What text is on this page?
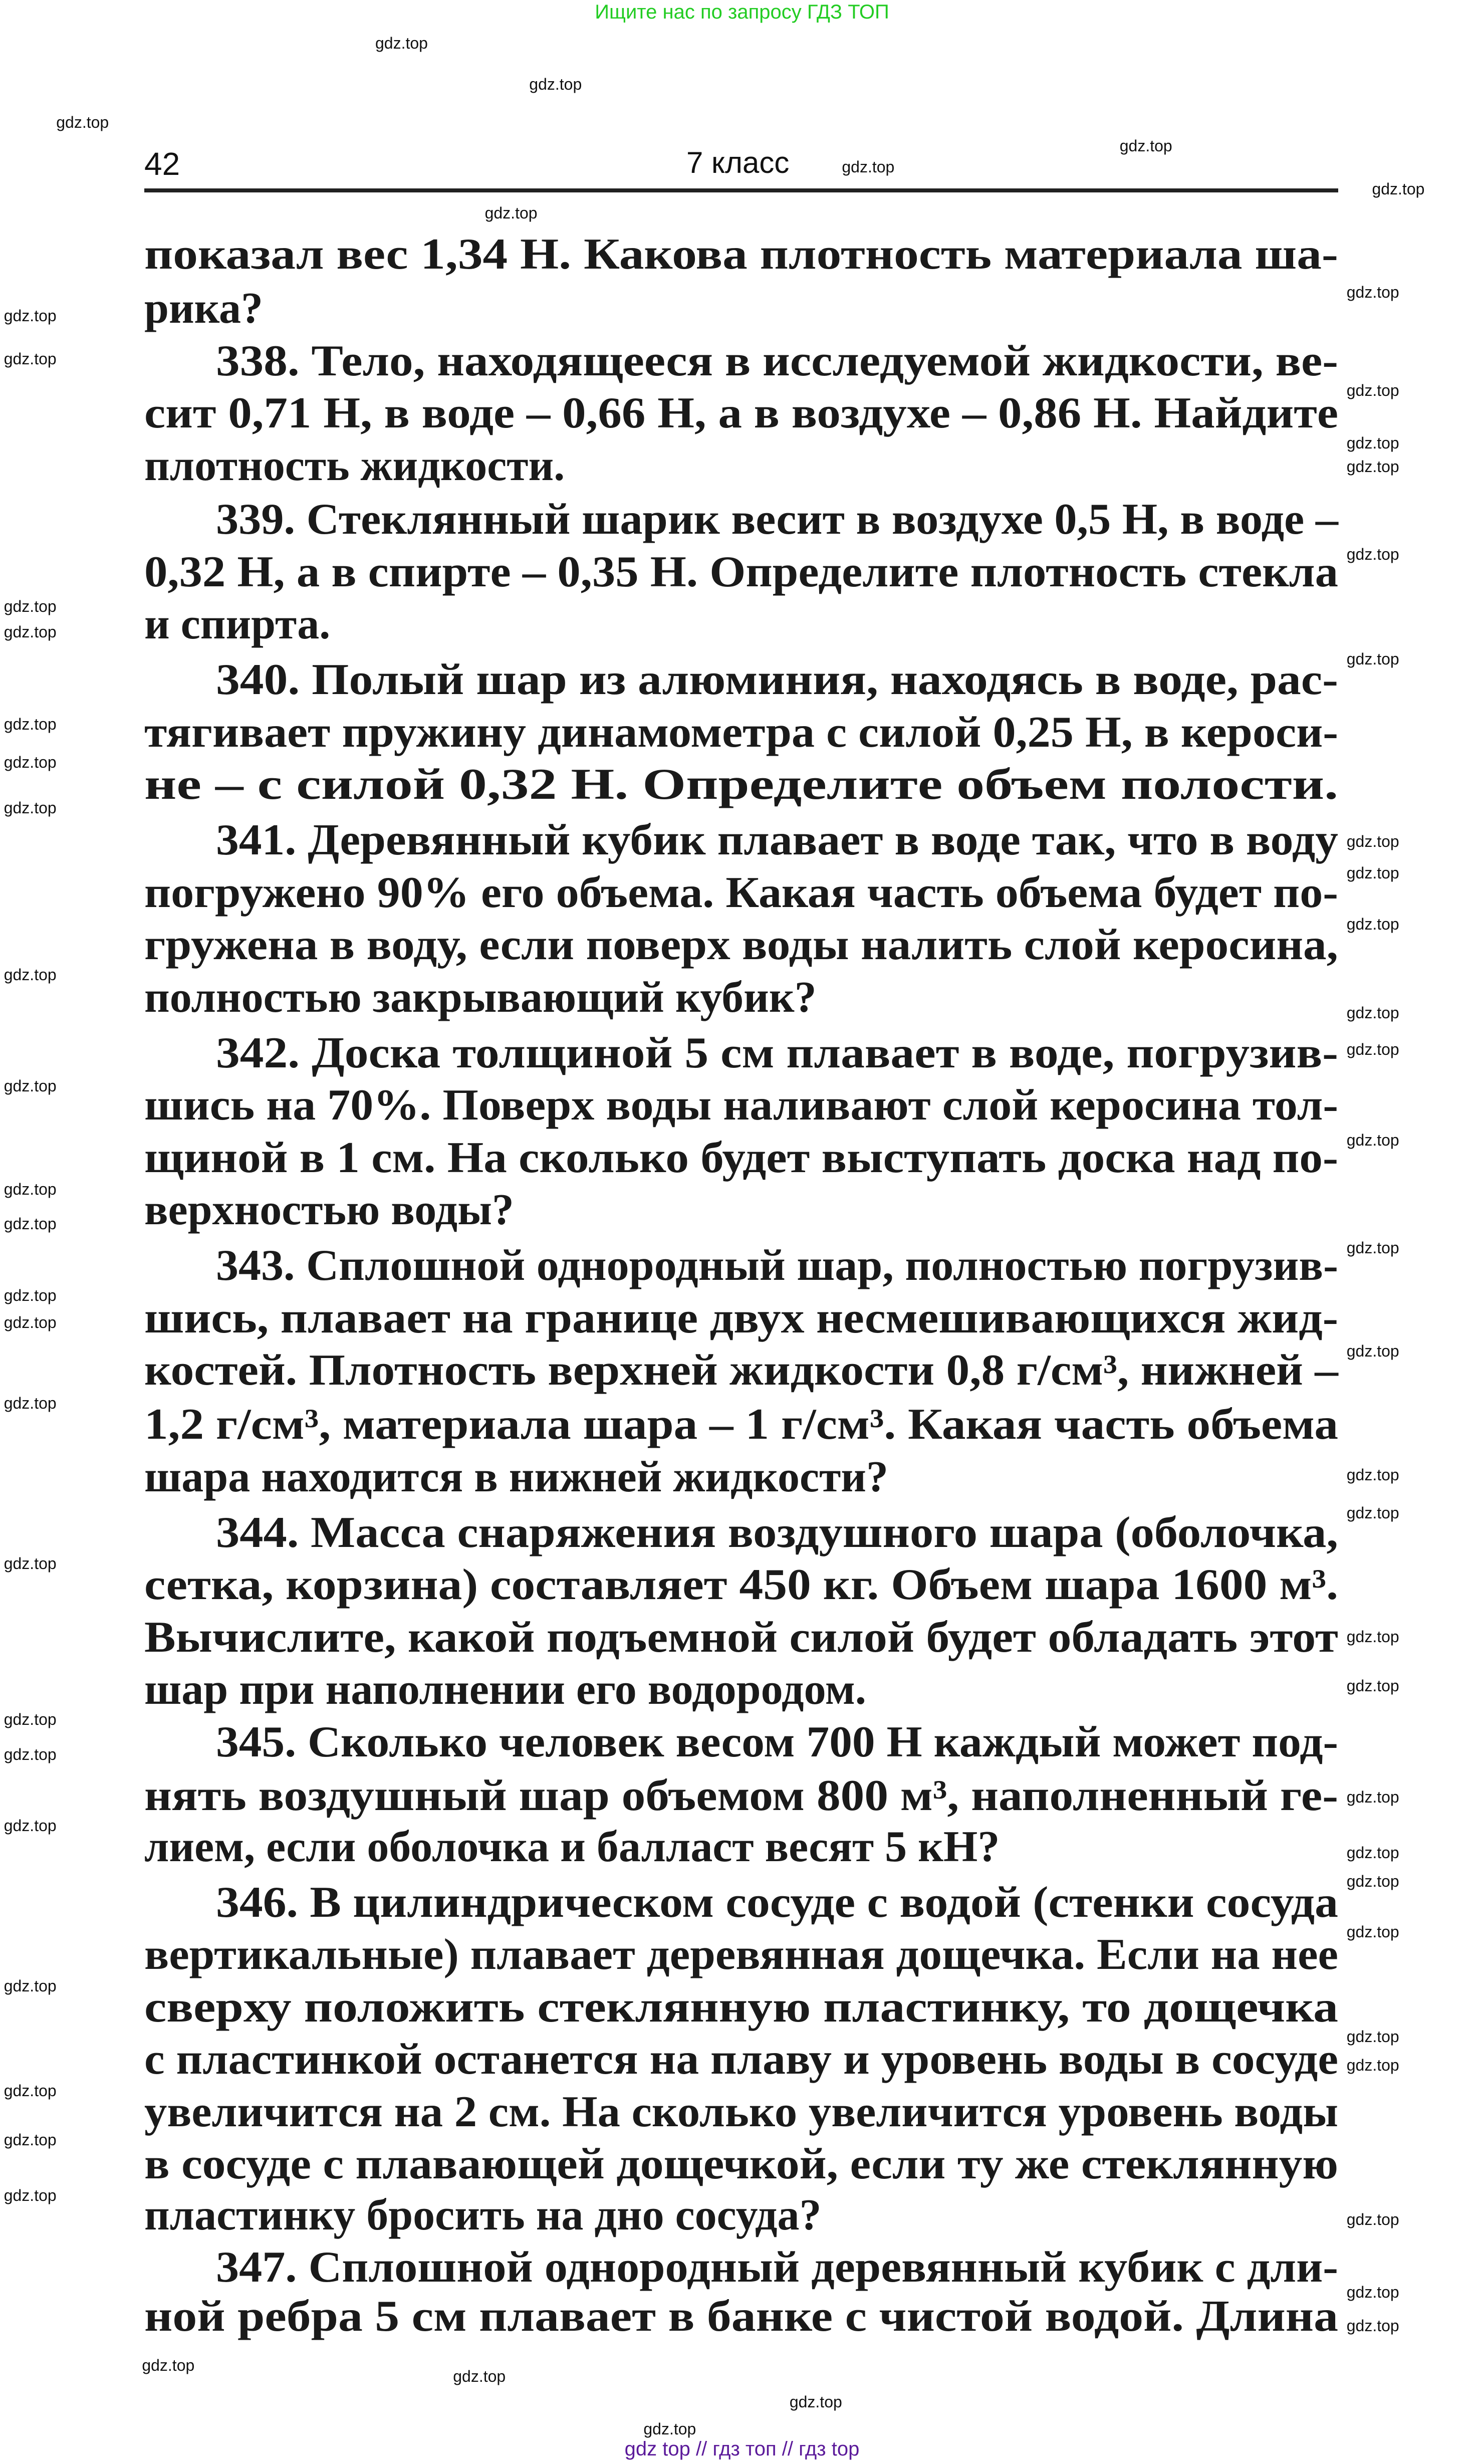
Ищите нас по запросу ГДЗ ТОП
42	7 класс
показал вес 1,34 Н. Какова плотность материала ша-
рика?
338. Тело, находящееся в исследуемой жидкости, ве-
сит 0,71 Н, в воде – 0,66 Н, а в воздухе – 0,86 Н. Найдите
плотность жидкости.
339. Стеклянный шарик весит в воздухе 0,5 Н, в воде –
0,32 Н, а в спирте – 0,35 Н. Определите плотность стекла
и спирта.
340. Полый шар из алюминия, находясь в воде, рас-
тягивает пружину динамометра с силой 0,25 Н, в кероси-
не – с силой 0,32 Н. Определите объем полости.
341. Деревянный кубик плавает в воде так, что в воду
погружено 90% его объема. Какая часть объема будет по-
гружена в воду, если поверх воды налить слой керосина,
полностью закрывающий кубик?
342. Доска толщиной 5 см плавает в воде, погрузив-
шись на 70%. Поверх воды наливают слой керосина тол-
щиной в 1 см. На сколько будет выступать доска над по-
верхностью воды?
343. Сплошной однородный шар, полностью погрузив-
шись, плавает на границе двух несмешивающихся жид-
костей. Плотность верхней жидкости 0,8 г/см³, нижней –
1,2 г/см³, материала шара – 1 г/см³. Какая часть объема
шара находится в нижней жидкости?
344. Масса снаряжения воздушного шара (оболочка,
сетка, корзина) составляет 450 кг. Объем шара 1600 м³.
Вычислите, какой подъемной силой будет обладать этот
шар при наполнении его водородом.
345. Сколько человек весом 700 Н каждый может под-
нять воздушный шар объемом 800 м³, наполненный ге-
лием, если оболочка и балласт весят 5 кН?
346. В цилиндрическом сосуде с водой (стенки сосуда
вертикальные) плавает деревянная дощечка. Если на нее
сверху положить стеклянную пластинку, то дощечка
с пластинкой останется на плаву и уровень воды в сосуде
увеличится на 2 см. На сколько увеличится уровень воды
в сосуде с плавающей дощечкой, если ту же стеклянную
пластинку бросить на дно сосуда?
347. Сплошной однородный деревянный кубик с дли-
ной ребра 5 см плавает в банке с чистой водой. Длина
gdz.top
gdz.top
gdz.top
gdz.top
gdz.top
gdz.top
gdz.top
gdz.top
gdz.top
gdz.top
gdz.top
gdz.top
gdz.top
gdz.top
gdz.top
gdz.top
gdz.top
gdz.top
gdz.top
gdz.top
gdz.top
gdz.top
gdz.top
gdz.top
gdz.top
gdz.top
gdz.top
gdz.top
gdz.top
gdz.top
gdz.top
gdz.top
gdz.top
gdz.top
gdz.top
gdz.top
gdz.top
gdz.top
gdz.top
gdz.top
gdz.top
gdz.top
gdz.top
gdz.top
gdz.top
gdz.top
gdz.top
gdz.top
gdz.top
gdz.top
gdz.top
gdz.top
gdz.top
gdz.top
gdz.top
gdz.top
gdz.top
gdz.top
gdz.top
gdz.top
gdz top // гдз топ // гдз top
